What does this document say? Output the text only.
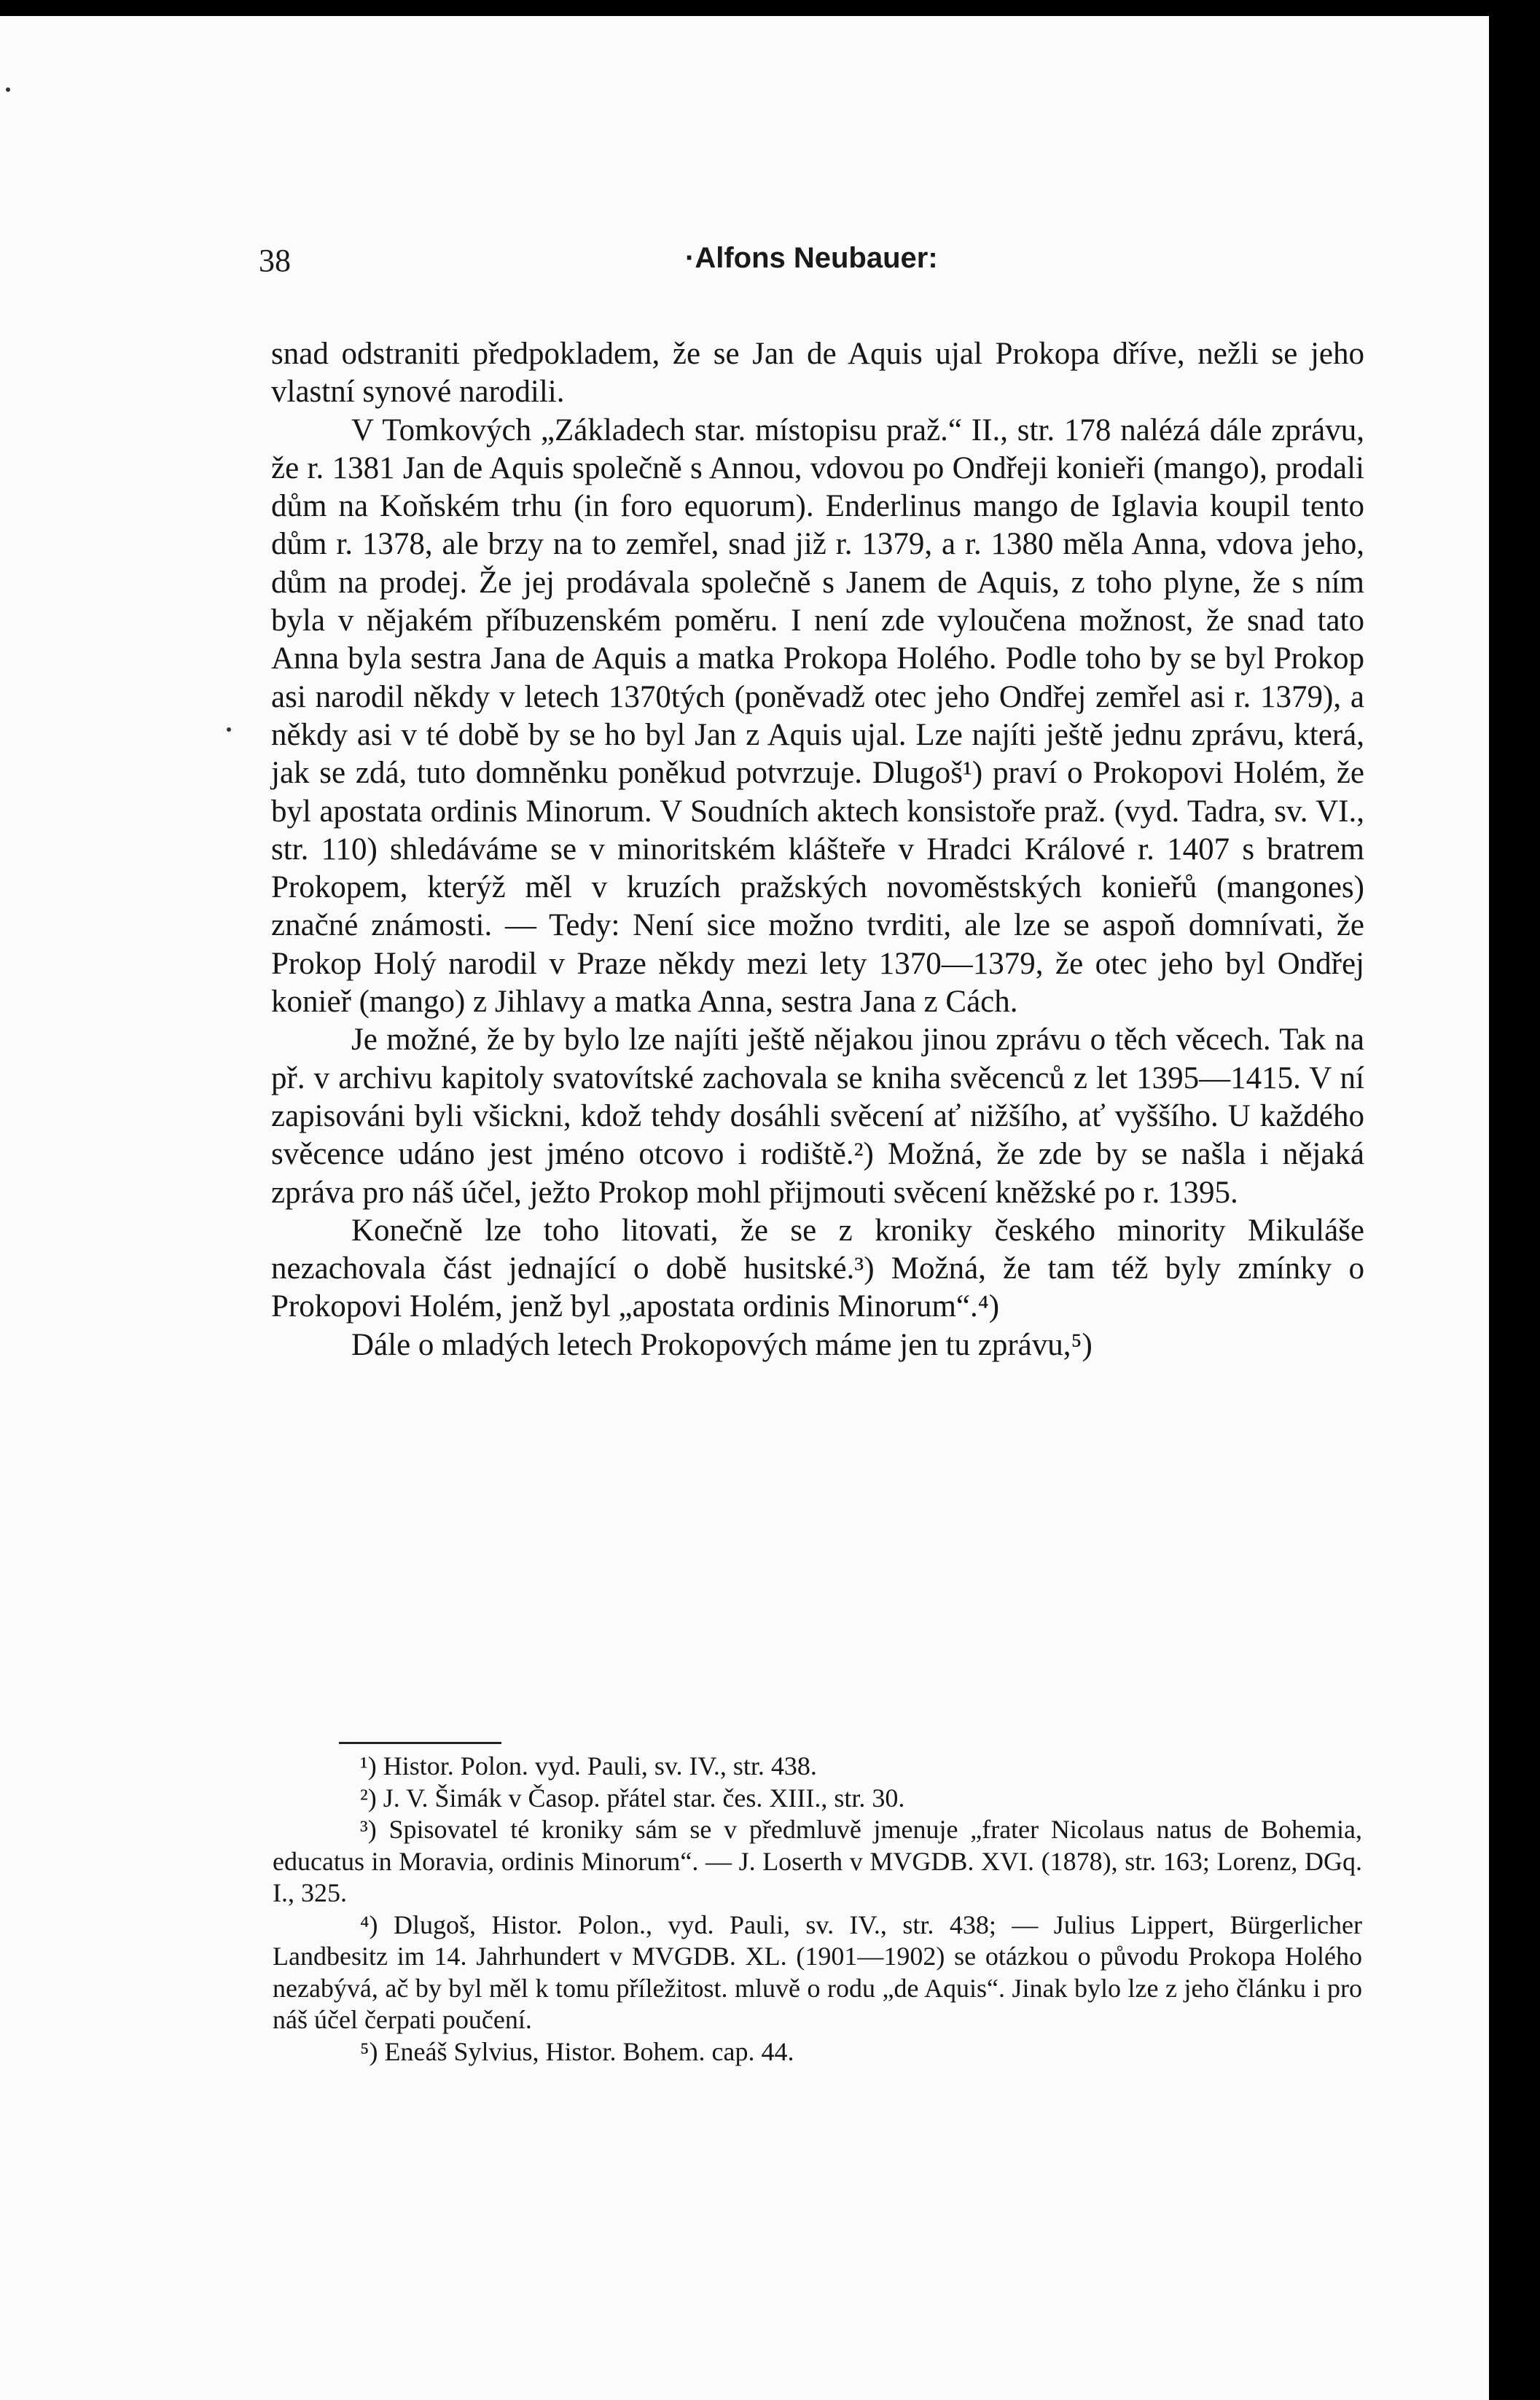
38	·Alfons Neubauer:

snad odstraniti předpokladem, že se Jan de Aquis ujal Prokopa dříve, nežli se jeho vlastní synové narodili.

V Tomkových „Základech star. místopisu praž.“ II., str. 178 nalézá dále zprávu, že r. 1381 Jan de Aquis společně s Annou, vdovou po Ondřeji konieři (mango), prodali dům na Koňském trhu (in foro equorum). Enderlinus mango de Iglavia koupil tento dům r. 1378, ale brzy na to zemřel, snad již r. 1379, a r. 1380 měla Anna, vdova jeho, dům na prodej. Že jej prodávala společně s Janem de Aquis, z toho plyne, že s ním byla v nějakém příbuzenském poměru. I není zde vyloučena možnost, že snad tato Anna byla sestra Jana de Aquis a matka Prokopa Holého. Podle toho by se byl Prokop asi narodil někdy v letech 1370tých (poněvadž otec jeho Ondřej zemřel asi r. 1379), a někdy asi v té době by se ho byl Jan z Aquis ujal. Lze najíti ještě jednu zprávu, která, jak se zdá, tuto domněnku poněkud potvrzuje. Dlugoš¹) praví o Prokopovi Holém, že byl apostata ordinis Minorum. V Soudních aktech konsistoře praž. (vyd. Tadra, sv. VI., str. 110) shledáváme se v minoritském klášteře v Hradci Králové r. 1407 s bratrem Prokopem, kterýž měl v kruzích pražských novoměstských konieřů (mangones) značné známosti. — Tedy: Není sice možno tvrditi, ale lze se aspoň domnívati, že Prokop Holý narodil v Praze někdy mezi lety 1370—1379, že otec jeho byl Ondřej konieř (mango) z Jihlavy a matka Anna, sestra Jana z Cách.

Je možné, že by bylo lze najíti ještě nějakou jinou zprávu o těch věcech. Tak na př. v archivu kapitoly svatovítské zachovala se kniha svěcenců z let 1395—1415. V ní zapisováni byli všickni, kdož tehdy dosáhli svěcení ať nižšího, ať vyššího. U každého svěcence udáno jest jméno otcovo i rodiště.²) Možná, že zde by se našla i nějaká zpráva pro náš účel, ježto Prokop mohl přijmouti svěcení kněžské po r. 1395.

Konečně lze toho litovati, že se z kroniky českého minority Mikuláše nezachovala část jednající o době husitské.³) Možná, že tam též byly zmínky o Prokopovi Holém, jenž byl „apostata ordinis Minorum“.⁴)

Dále o mladých letech Prokopových máme jen tu zprávu,⁵)

¹) Histor. Polon. vyd. Pauli, sv. IV., str. 438.

²) J. V. Šimák v Časop. přátel star. čes. XIII., str. 30.

³) Spisovatel té kroniky sám se v předmluvě jmenuje „frater Nicolaus natus de Bohemia, educatus in Moravia, ordinis Minorum“. — J. Loserth v MVGDB. XVI. (1878), str. 163; Lorenz, DGq. I., 325.

⁴) Dlugoš, Histor. Polon., vyd. Pauli, sv. IV., str. 438; — Julius Lippert, Bürgerlicher Landbesitz im 14. Jahrhundert v MVGDB. XL. (1901—1902) se otázkou o původu Prokopa Holého nezabývá, ač by byl měl k tomu příležitost. mluvě o rodu „de Aquis“. Jinak bylo lze z jeho článku i pro náš účel čerpati poučení.

⁵) Eneáš Sylvius, Histor. Bohem. cap. 44.
